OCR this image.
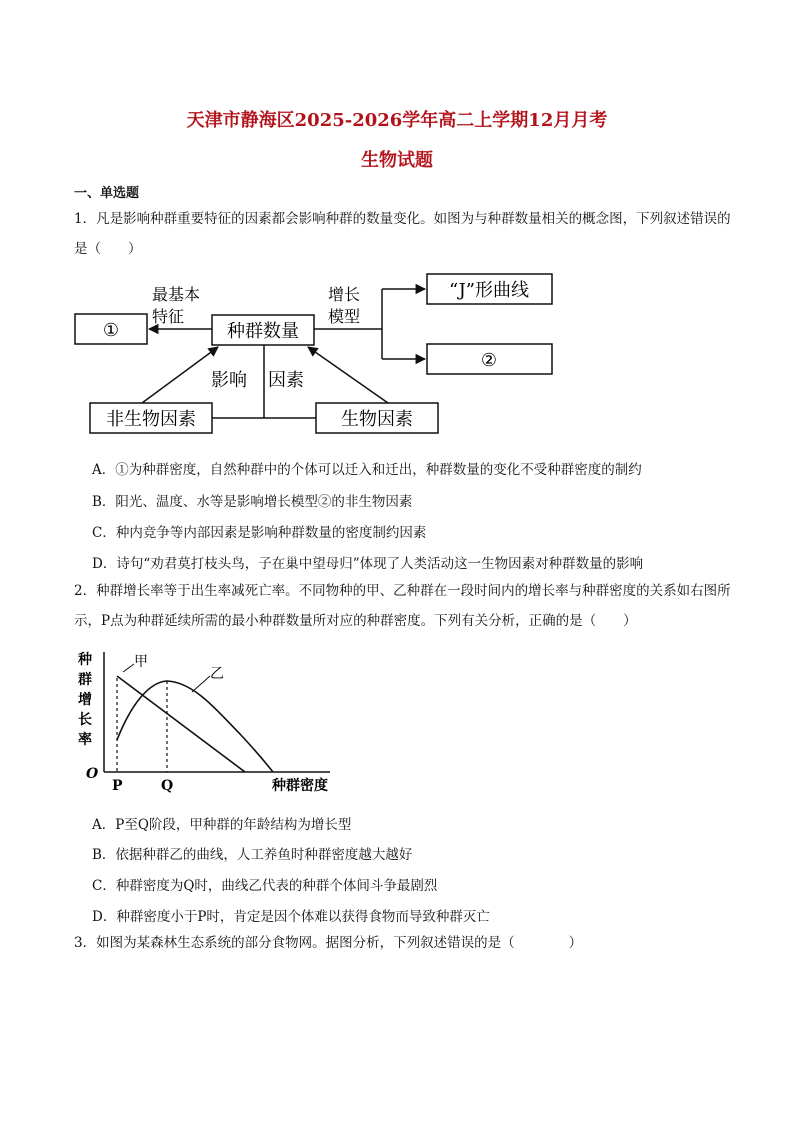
天津市静海区2025-2026学年高二上学期12月月考
生物试题
一、单选题
1．凡是影响种群重要特征的因素都会影响种群的数量变化。如图为与种群数量相关的概念图，下列叙述错误的是（　　）
①	种群数量
“J”形曲线
②
非生物因素	生物因素
最基本
特征
增长
模型
影响 因素
A．①为种群密度，自然种群中的个体可以迁入和迁出，种群数量的变化不受种群密度的制约
B．阳光、温度、水等是影响增长模型②的非生物因素
C．种内竞争等内部因素是影响种群数量的密度制约因素
D．诗句“劝君莫打枝头鸟，子在巢中望母归”体现了人类活动这一生物因素对种群数量的影响
2．种群增长率等于出生率减死亡率。不同物种的甲、乙种群在一段时间内的增长率与种群密度的关系如右图所示，P点为种群延续所需的最小种群数量所对应的种群密度。下列有关分析，正确的是（　　）
种
群
增
长
率
O
P	Q	种群密度
甲
乙
A．P至Q阶段，甲种群的年龄结构为增长型
B．依据种群乙的曲线，人工养鱼时种群密度越大越好
C．种群密度为Q时，曲线乙代表的种群个体间斗争最剧烈
D．种群密度小于P时，肯定是因个体难以获得食物而导致种群灭亡
3．如图为某森林生态系统的部分食物网。据图分析，下列叙述错误的是（　　　　）
